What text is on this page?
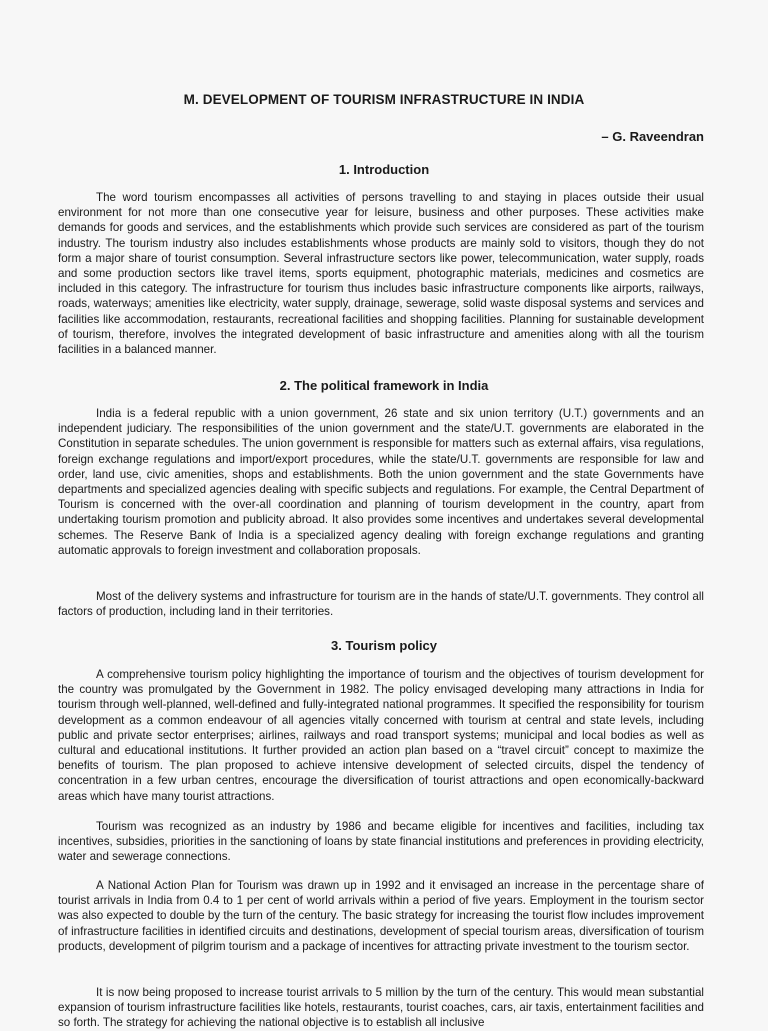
M. DEVELOPMENT OF TOURISM INFRASTRUCTURE IN INDIA
– G. Raveendran
1. Introduction

The word tourism encompasses all activities of persons travelling to and staying in places outside their usual environment for not more than one consecutive year for leisure, business and other purposes. These activities make demands for goods and services, and the establishments which provide such services are considered as part of the tourism industry. The tourism industry also includes establishments whose products are mainly sold to visitors, though they do not form a major share of tourist consumption. Several infrastructure sectors like power, telecommunication, water supply, roads and some production sectors like travel items, sports equipment, photographic materials, medicines and cosmetics are included in this category. The infrastructure for tourism thus includes basic infrastructure components like airports, railways, roads, waterways; amenities like electricity, water supply, drainage, sewerage, solid waste disposal systems and services and facilities like accommodation, restaurants, recreational facilities and shopping facilities. Planning for sustainable development of tourism, therefore, involves the integrated development of basic infrastructure and amenities along with all the tourism facilities in a balanced manner.

2. The political framework in India

India is a federal republic with a union government, 26 state and six union territory (U.T.) governments and an independent judiciary. The responsibilities of the union government and the state/U.T. governments are elaborated in the Constitution in separate schedules. The union government is responsible for matters such as external affairs, visa regulations, foreign exchange regulations and import/export procedures, while the state/U.T. governments are responsible for law and order, land use, civic amenities, shops and establishments. Both the union government and the state Governments have departments and specialized agencies dealing with specific subjects and regulations. For example, the Central Department of Tourism is concerned with the over-all coordination and planning of tourism development in the country, apart from undertaking tourism promotion and publicity abroad. It also provides some incentives and undertakes several developmental schemes. The Reserve Bank of India is a specialized agency dealing with foreign exchange regulations and granting automatic approvals to foreign investment and collaboration proposals.

Most of the delivery systems and infrastructure for tourism are in the hands of state/U.T. governments. They control all factors of production, including land in their territories.

3. Tourism policy

A comprehensive tourism policy highlighting the importance of tourism and the objectives of tourism development for the country was promulgated by the Government in 1982. The policy envisaged developing many attractions in India for tourism through well-planned, well-defined and fully-integrated national programmes. It specified the responsibility for tourism development as a common endeavour of all agencies vitally concerned with tourism at central and state levels, including public and private sector enterprises; airlines, railways and road transport systems; municipal and local bodies as well as cultural and educational institutions. It further provided an action plan based on a “travel circuit” concept to maximize the benefits of tourism. The plan proposed to achieve intensive development of selected circuits, dispel the tendency of concentration in a few urban centres, encourage the diversification of tourist attractions and open economically-backward areas which have many tourist attractions.

Tourism was recognized as an industry by 1986 and became eligible for incentives and facilities, including tax incentives, subsidies, priorities in the sanctioning of loans by state financial institutions and preferences in providing electricity, water and sewerage connections.

A National Action Plan for Tourism was drawn up in 1992 and it envisaged an increase in the percentage share of tourist arrivals in India from 0.4 to 1 per cent of world arrivals within a period of five years. Employment in the tourism sector was also expected to double by the turn of the century. The basic strategy for increasing the tourist flow includes improvement of infrastructure facilities in identified circuits and destinations, development of special tourism areas, diversification of tourism products, development of pilgrim tourism and a package of incentives for attracting private investment to the tourism sector.

It is now being proposed to increase tourist arrivals to 5 million by the turn of the century. This would mean substantial expansion of tourism infrastructure facilities like hotels, restaurants, tourist coaches, cars, air taxis, entertainment facilities and so forth. The strategy for achieving the national objective is to establish all inclusive
